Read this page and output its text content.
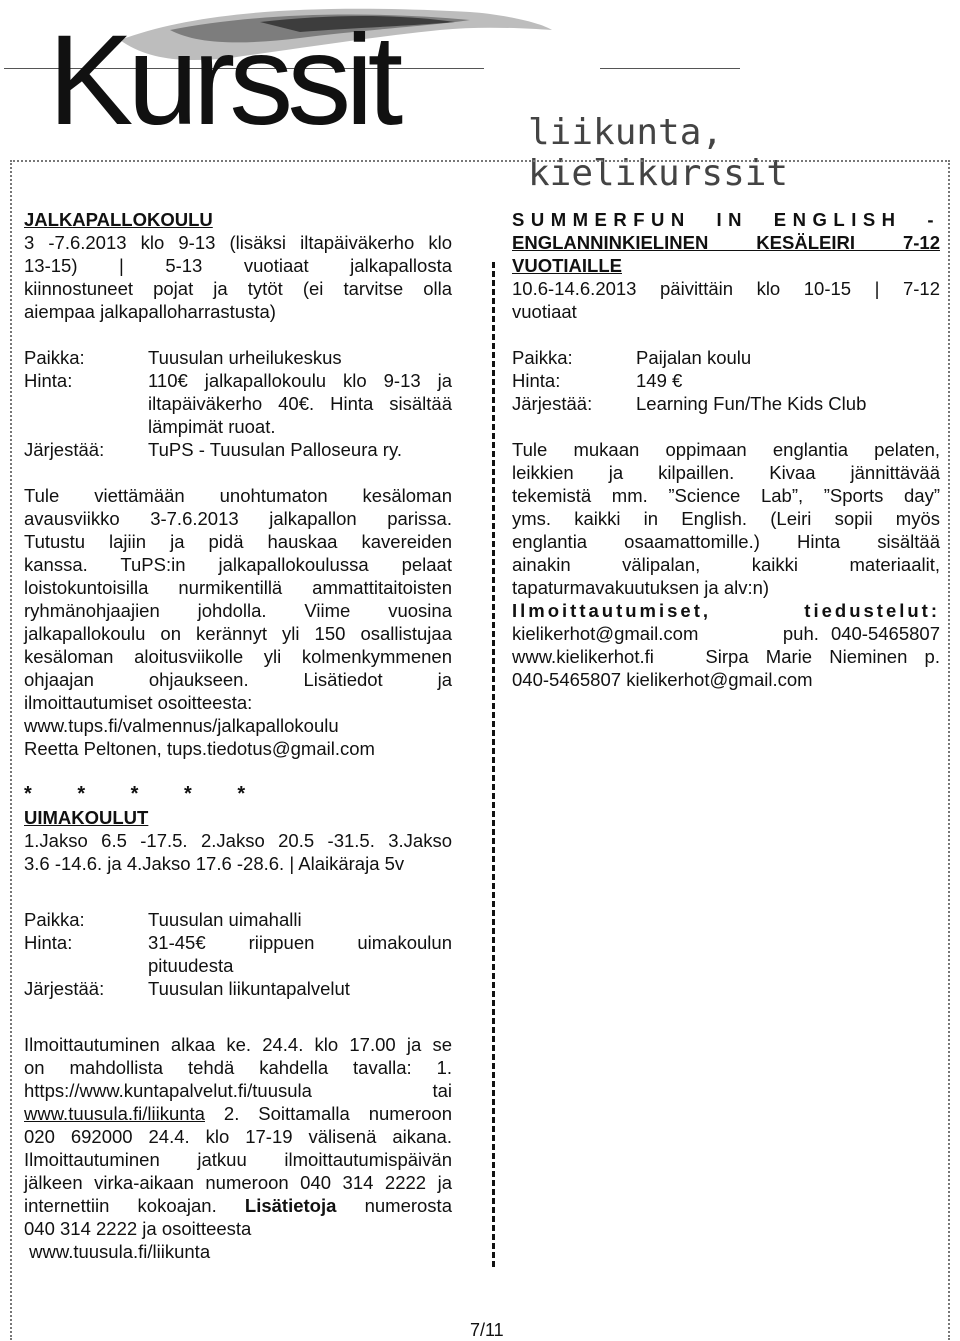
Kurssit	liikunta, kielikurssit

JALKAPALLOKOULU

3 -7.6.2013 klo 9-13 (lisäksi iltapäiväkerho klo

13-15) | 5-13 vuotiaat jalkapallosta

kiinnostuneet pojat ja tytöt (ei tarvitse olla

aiempaa jalkapalloharrastusta)

Paikka:	Tuusulan urheilukeskus
Hinta:	110€ jalkapallokoulu klo 9-13 ja iltapäiväkerho 40€. Hinta sisältää lämpimät ruoat.
Järjestää:	TuPS - Tuusulan Palloseura ry.

Tule viettämään unohtumaton kesäloman

avausviikko 3-7.6.2013 jalkapallon parissa.

Tutustu lajiin ja pidä hauskaa kavereiden

kanssa. TuPS:in jalkapallokoulussa pelaat

loistokuntoisilla nurmikentillä ammattitaitoisten

ryhmänohjaajien johdolla. Viime vuosina

jalkapallokoulu on kerännyt yli 150 osallistujaa

kesäloman aloitusviikolle yli kolmenkymmenen

ohjaajan ohjaukseen. Lisätiedot ja

ilmoittautumiset osoitteesta:

www.tups.fi/valmennus/jalkapallokoulu

Reetta Peltonen, tups.tiedotus@gmail.com

* * * * *

UIMAKOULUT

1.Jakso 6.5 -17.5. 2.Jakso 20.5 -31.5. 3.Jakso

3.6 -14.6. ja 4.Jakso 17.6 -28.6. | Alaikäraja 5v

Paikka:	Tuusulan uimahalli
Hinta:	31-45€ riippuen uimakoulun pituudesta
Järjestää:	Tuusulan liikuntapalvelut

Ilmoittautuminen alkaa ke. 24.4. klo 17.00 ja se

on mahdollista tehdä kahdella tavalla: 1.

https://www.kuntapalvelut.fi/tuusula tai

www.tuusula.fi/liikunta 2. Soittamalla numeroon

020 692000 24.4. klo 17-19 välisenä aikana.

Ilmoittautuminen jatkuu ilmoittautumispäivän

jälkeen virka-aikaan numeroon 040 314 2222 ja

internettiin kokoajan. Lisätietoja numerosta

040 314 2222 ja osoitteesta

www.tuusula.fi/liikunta

SUMMERFUN IN ENGLISH -

ENGLANNINKIELINEN KESÄLEIRI 7-12

VUOTIAILLE

10.6-14.6.2013 päivittäin klo 10-15 | 7-12

vuotiaat

Paikka:	Paijalan koulu
Hinta:	149 €
Järjestää:	Learning Fun/The Kids Club

Tule mukaan oppimaan englantia pelaten,

leikkien ja kilpaillen. Kivaa jännittävää

tekemistä mm. ”Science Lab”, ”Sports day”

yms. kaikki in English. (Leiri sopii myös

englantia osaamattomille.) Hinta sisältää

ainakin välipalan, kaikki materiaalit,

tapaturmavakuutuksen ja alv:n)

Ilmoittautumiset, tiedustelut:

kielikerhot@gmail.com       puh. 040-5465807

www.kielikerhot.fi   Sirpa Marie Nieminen p.

040-5465807 kielikerhot@gmail.com

7/11
